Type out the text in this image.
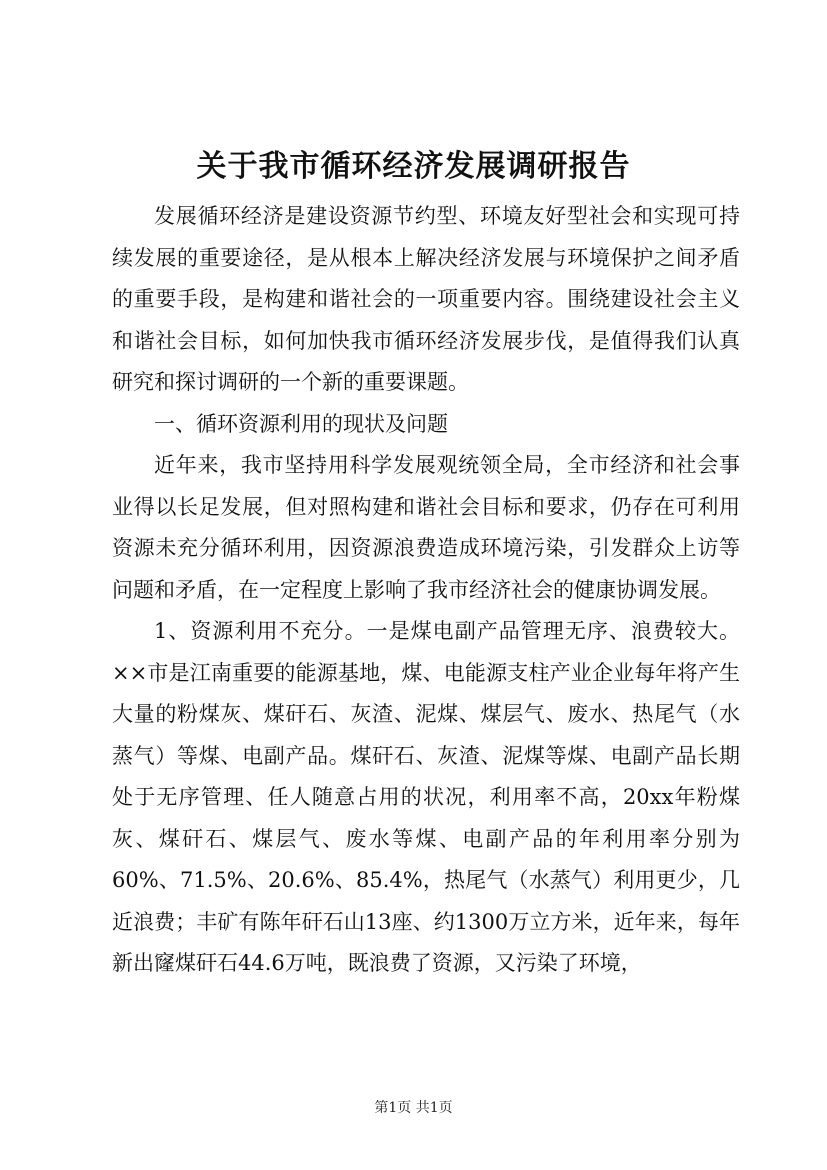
关于我市循环经济发展调研报告

发展循环经济是建设资源节约型、环境友好型社会和实现可持续发展的重要途径，是从根本上解决经济发展与环境保护之间矛盾的重要手段，是构建和谐社会的一项重要内容。围绕建设社会主义和谐社会目标，如何加快我市循环经济发展步伐，是值得我们认真研究和探讨调研的一个新的重要课题。

一、循环资源利用的现状及问题

近年来，我市坚持用科学发展观统领全局，全市经济和社会事业得以长足发展，但对照构建和谐社会目标和要求，仍存在可利用资源未充分循环利用，因资源浪费造成环境污染，引发群众上访等问题和矛盾，在一定程度上影响了我市经济社会的健康协调发展。

1、资源利用不充分。一是煤电副产品管理无序、浪费较大。××市是江南重要的能源基地，煤、电能源支柱产业企业每年将产生大量的粉煤灰、煤矸石、灰渣、泥煤、煤层气、废水、热尾气（水蒸气）等煤、电副产品。煤矸石、灰渣、泥煤等煤、电副产品长期处于无序管理、任人随意占用的状况，利用率不高，20xx年粉煤灰、煤矸石、煤层气、废水等煤、电副产品的年利用率分别为60%、71.5%、20.6%、85.4%，热尾气（水蒸气）利用更少，几近浪费；丰矿有陈年矸石山13座、约1300万立方米，近年来，每年新出窿煤矸石44.6万吨，既浪费了资源，又污染了环境，

第1页 共1页
